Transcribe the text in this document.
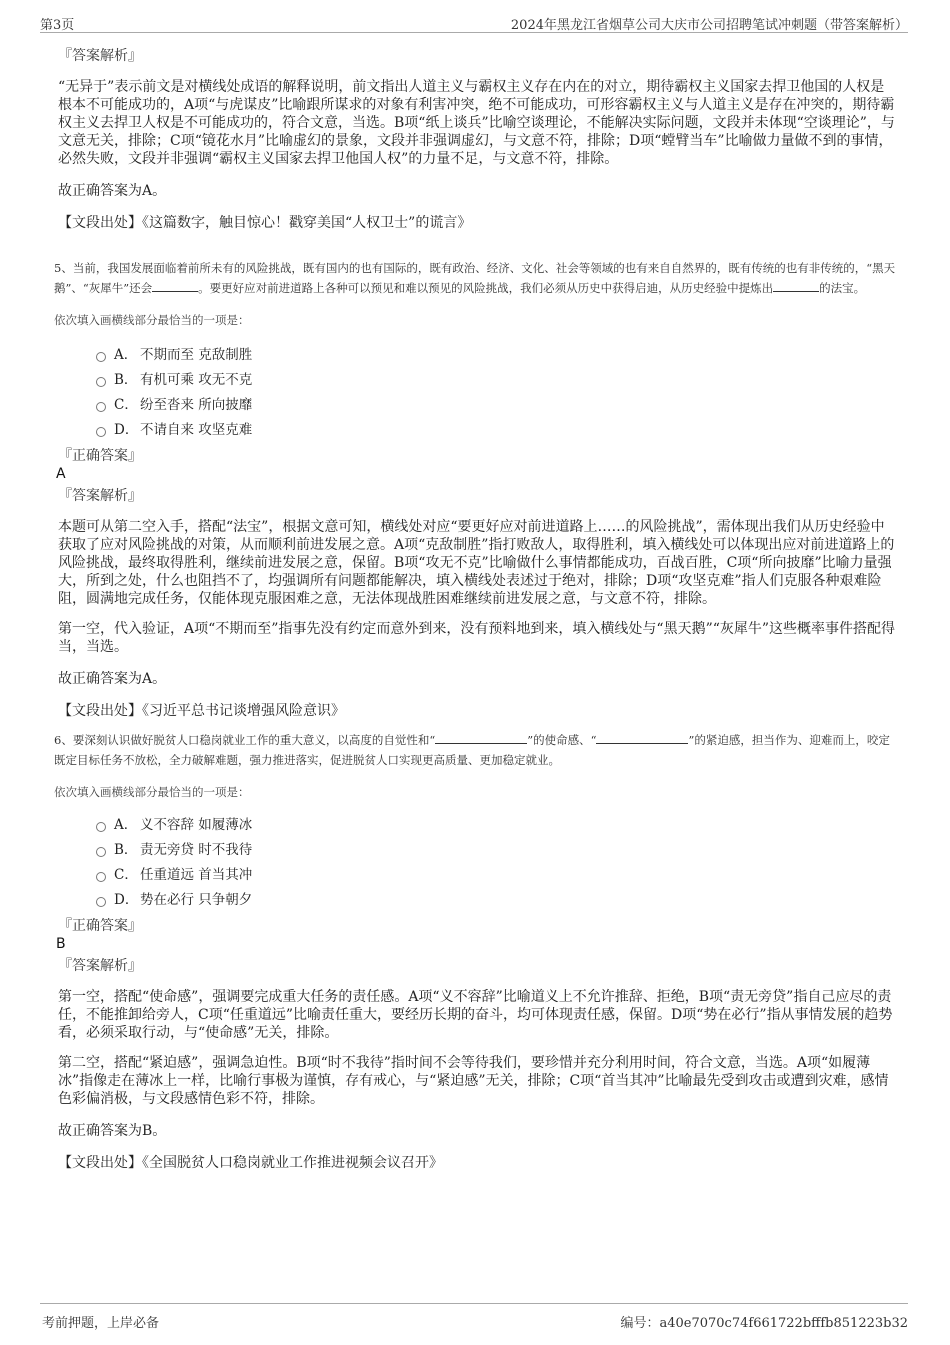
第3页	2024年黑龙江省烟草公司大庆市公司招聘笔试冲刺题（带答案解析）
『答案解析』

“无异于”表示前文是对横线处成语的解释说明，前文指出人道主义与霸权主义存在内在的对立，期待霸权主义国家去捍卫他国的人权是根本不可能成功的，A项“与虎谋皮”比喻跟所谋求的对象有利害冲突，绝不可能成功，可形容霸权主义与人道主义是存在冲突的，期待霸权主义去捍卫人权是不可能成功的，符合文意，当选。B项“纸上谈兵”比喻空谈理论，不能解决实际问题，文段并未体现“空谈理论”，与文意无关，排除；C项“镜花水月”比喻虚幻的景象，文段并非强调虚幻，与文意不符，排除；D项“螳臂当车”比喻做力量做不到的事情，必然失败，文段并非强调“霸权主义国家去捍卫他国人权”的力量不足，与文意不符，排除。

故正确答案为A。

【文段出处】《这篇数字，触目惊心！戳穿美国“人权卫士”的谎言》

5、当前，我国发展面临着前所未有的风险挑战，既有国内的也有国际的，既有政治、经济、文化、社会等领域的也有来自自然界的，既有传统的也有非传统的，“黑天鹅”、“灰犀牛”还会	。要更好应对前进道路上各种可以预见和难以预见的风险挑战，我们必须从历史中获得启迪，从历史经验中提炼出	的法宝。
依次填入画横线部分最恰当的一项是：
A． 不期而至 克敌制胜
B． 有机可乘 攻无不克
C． 纷至沓来 所向披靡
D． 不请自来 攻坚克难
『正确答案』
A
『答案解析』

本题可从第二空入手，搭配“法宝”，根据文意可知，横线处对应“要更好应对前进道路上……的风险挑战”，需体现出我们从历史经验中获取了应对风险挑战的对策，从而顺利前进发展之意。A项“克敌制胜”指打败敌人，取得胜利，填入横线处可以体现出应对前进道路上的风险挑战，最终取得胜利，继续前进发展之意，保留。B项“攻无不克”比喻做什么事情都能成功，百战百胜，C项“所向披靡”比喻力量强大，所到之处，什么也阻挡不了，均强调所有问题都能解决，填入横线处表述过于绝对，排除；D项“攻坚克难”指人们克服各种艰难险阻，圆满地完成任务，仅能体现克服困难之意，无法体现战胜困难继续前进发展之意，与文意不符，排除。

第一空，代入验证，A项“不期而至”指事先没有约定而意外到来，没有预料地到来，填入横线处与“黑天鹅”“灰犀牛”这些概率事件搭配得当，当选。

故正确答案为A。

【文段出处】《习近平总书记谈增强风险意识》

6、要深刻认识做好脱贫人口稳岗就业工作的重大意义，以高度的自觉性和“	”的使命感、“	”的紧迫感，担当作为、迎难而上，咬定既定目标任务不放松，全力破解难题，强力推进落实，促进脱贫人口实现更高质量、更加稳定就业。
依次填入画横线部分最恰当的一项是：
A． 义不容辞 如履薄冰
B． 责无旁贷 时不我待
C． 任重道远 首当其冲
D． 势在必行 只争朝夕
『正确答案』
B
『答案解析』

第一空，搭配“使命感”，强调要完成重大任务的责任感。A项“义不容辞”比喻道义上不允许推辞、拒绝，B项“责无旁贷”指自己应尽的责任，不能推卸给旁人，C项“任重道远”比喻责任重大，要经历长期的奋斗，均可体现责任感，保留。D项“势在必行”指从事情发展的趋势看，必须采取行动，与“使命感”无关，排除。

第二空，搭配“紧迫感”，强调急迫性。B项“时不我待”指时间不会等待我们，要珍惜并充分利用时间，符合文意，当选。A项“如履薄冰”指像走在薄冰上一样，比喻行事极为谨慎，存有戒心，与“紧迫感”无关，排除；C项“首当其冲”比喻最先受到攻击或遭到灾难，感情色彩偏消极，与文段感情色彩不符，排除。

故正确答案为B。

【文段出处】《全国脱贫人口稳岗就业工作推进视频会议召开》

考前押题，上岸必备	编号：a40e7070c74f661722bfffb851223b32
